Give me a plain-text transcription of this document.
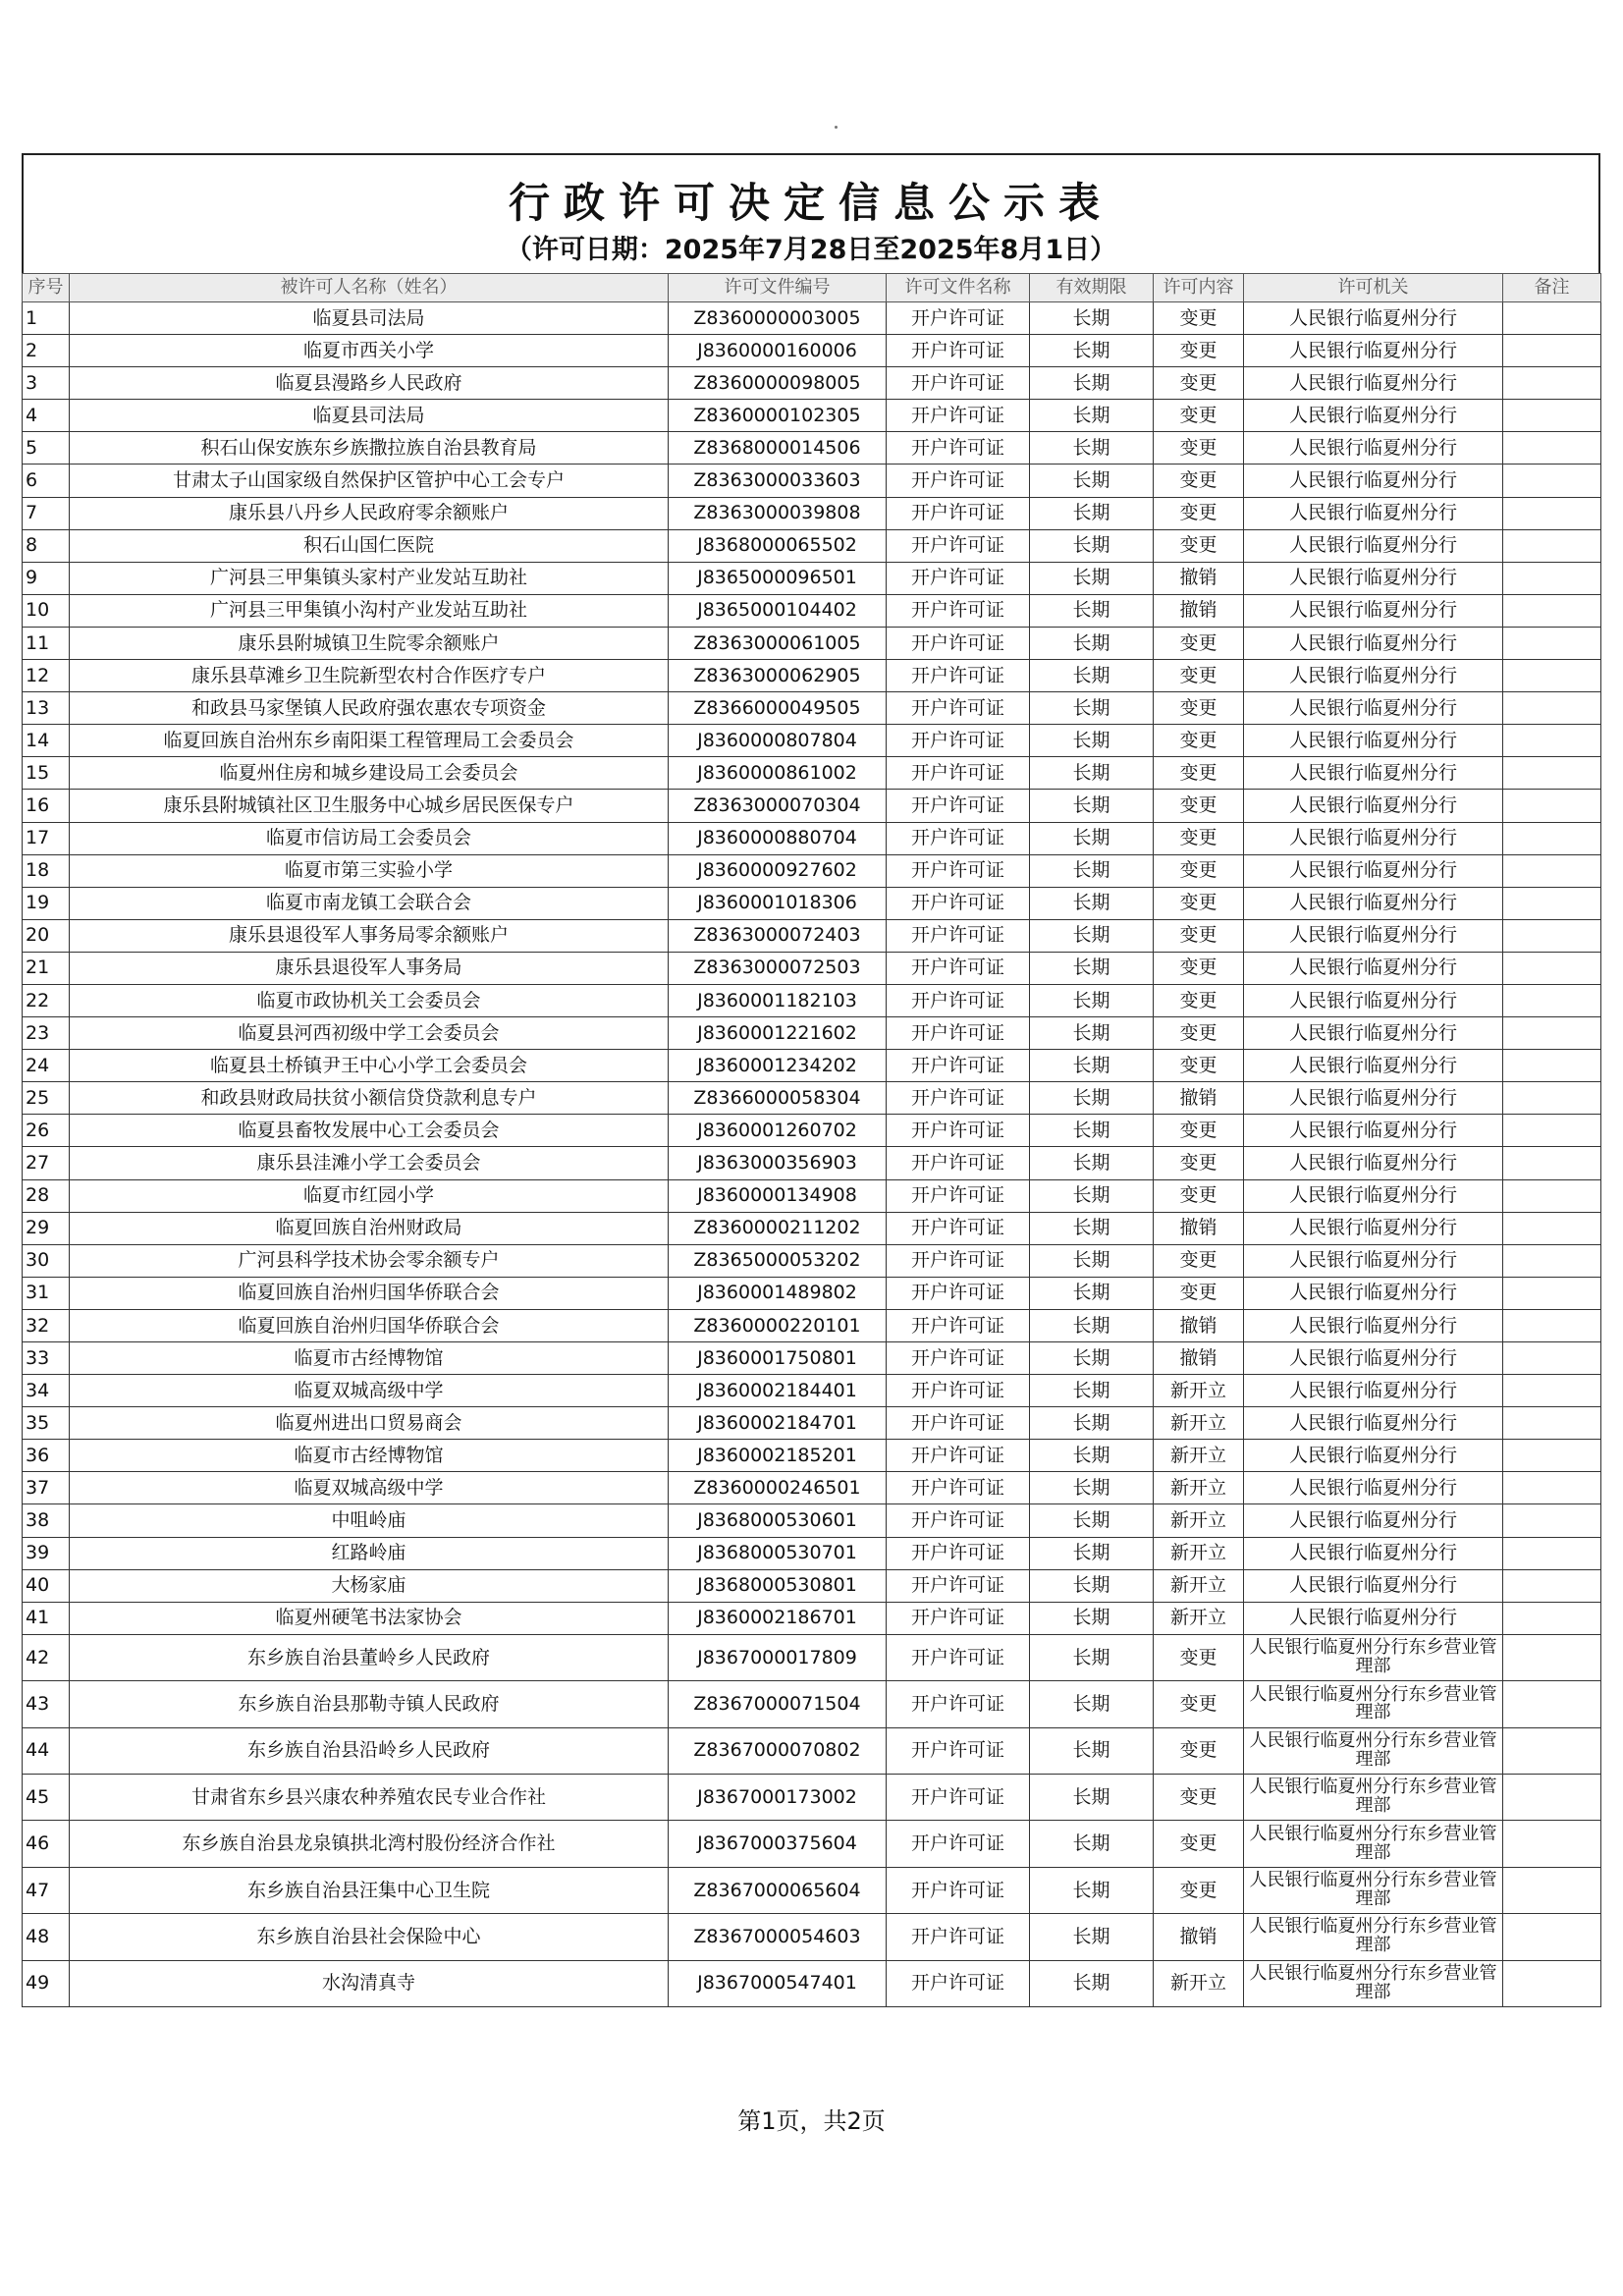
行政许可决定信息公示表
（许可日期：2025年7月28日至2025年8月1日）
序号	被许可人名称（姓名）	许可文件编号	许可文件名称	有效期限	许可内容	许可机关	备注
1	临夏县司法局	Z8360000003005	开户许可证	长期	变更	人民银行临夏州分行	
2	临夏市西关小学	J8360000160006	开户许可证	长期	变更	人民银行临夏州分行	
3	临夏县漫路乡人民政府	Z8360000098005	开户许可证	长期	变更	人民银行临夏州分行	
4	临夏县司法局	Z8360000102305	开户许可证	长期	变更	人民银行临夏州分行	
5	积石山保安族东乡族撒拉族自治县教育局	Z8368000014506	开户许可证	长期	变更	人民银行临夏州分行	
6	甘肃太子山国家级自然保护区管护中心工会专户	Z8363000033603	开户许可证	长期	变更	人民银行临夏州分行	
7	康乐县八丹乡人民政府零余额账户	Z8363000039808	开户许可证	长期	变更	人民银行临夏州分行	
8	积石山国仁医院	J8368000065502	开户许可证	长期	变更	人民银行临夏州分行	
9	广河县三甲集镇头家村产业发站互助社	J8365000096501	开户许可证	长期	撤销	人民银行临夏州分行	
10	广河县三甲集镇小沟村产业发站互助社	J8365000104402	开户许可证	长期	撤销	人民银行临夏州分行	
11	康乐县附城镇卫生院零余额账户	Z8363000061005	开户许可证	长期	变更	人民银行临夏州分行	
12	康乐县草滩乡卫生院新型农村合作医疗专户	Z8363000062905	开户许可证	长期	变更	人民银行临夏州分行	
13	和政县马家堡镇人民政府强农惠农专项资金	Z8366000049505	开户许可证	长期	变更	人民银行临夏州分行	
14	临夏回族自治州东乡南阳渠工程管理局工会委员会	J8360000807804	开户许可证	长期	变更	人民银行临夏州分行	
15	临夏州住房和城乡建设局工会委员会	J8360000861002	开户许可证	长期	变更	人民银行临夏州分行	
16	康乐县附城镇社区卫生服务中心城乡居民医保专户	Z8363000070304	开户许可证	长期	变更	人民银行临夏州分行	
17	临夏市信访局工会委员会	J8360000880704	开户许可证	长期	变更	人民银行临夏州分行	
18	临夏市第三实验小学	J8360000927602	开户许可证	长期	变更	人民银行临夏州分行	
19	临夏市南龙镇工会联合会	J8360001018306	开户许可证	长期	变更	人民银行临夏州分行	
20	康乐县退役军人事务局零余额账户	Z8363000072403	开户许可证	长期	变更	人民银行临夏州分行	
21	康乐县退役军人事务局	Z8363000072503	开户许可证	长期	变更	人民银行临夏州分行	
22	临夏市政协机关工会委员会	J8360001182103	开户许可证	长期	变更	人民银行临夏州分行	
23	临夏县河西初级中学工会委员会	J8360001221602	开户许可证	长期	变更	人民银行临夏州分行	
24	临夏县土桥镇尹王中心小学工会委员会	J8360001234202	开户许可证	长期	变更	人民银行临夏州分行	
25	和政县财政局扶贫小额信贷贷款利息专户	Z8366000058304	开户许可证	长期	撤销	人民银行临夏州分行	
26	临夏县畜牧发展中心工会委员会	J8360001260702	开户许可证	长期	变更	人民银行临夏州分行	
27	康乐县洼滩小学工会委员会	J8363000356903	开户许可证	长期	变更	人民银行临夏州分行	
28	临夏市红园小学	J8360000134908	开户许可证	长期	变更	人民银行临夏州分行	
29	临夏回族自治州财政局	Z8360000211202	开户许可证	长期	撤销	人民银行临夏州分行	
30	广河县科学技术协会零余额专户	Z8365000053202	开户许可证	长期	变更	人民银行临夏州分行	
31	临夏回族自治州归国华侨联合会	J8360001489802	开户许可证	长期	变更	人民银行临夏州分行	
32	临夏回族自治州归国华侨联合会	Z8360000220101	开户许可证	长期	撤销	人民银行临夏州分行	
33	临夏市古经博物馆	J8360001750801	开户许可证	长期	撤销	人民银行临夏州分行	
34	临夏双城高级中学	J8360002184401	开户许可证	长期	新开立	人民银行临夏州分行	
35	临夏州进出口贸易商会	J8360002184701	开户许可证	长期	新开立	人民银行临夏州分行	
36	临夏市古经博物馆	J8360002185201	开户许可证	长期	新开立	人民银行临夏州分行	
37	临夏双城高级中学	Z8360000246501	开户许可证	长期	新开立	人民银行临夏州分行	
38	中咀岭庙	J8368000530601	开户许可证	长期	新开立	人民银行临夏州分行	
39	红路岭庙	J8368000530701	开户许可证	长期	新开立	人民银行临夏州分行	
40	大杨家庙	J8368000530801	开户许可证	长期	新开立	人民银行临夏州分行	
41	临夏州硬笔书法家协会	J8360002186701	开户许可证	长期	新开立	人民银行临夏州分行	
42	东乡族自治县董岭乡人民政府	J8367000017809	开户许可证	长期	变更	人民银行临夏州分行东乡营业管理部	
43	东乡族自治县那勒寺镇人民政府	Z8367000071504	开户许可证	长期	变更	人民银行临夏州分行东乡营业管理部	
44	东乡族自治县沿岭乡人民政府	Z8367000070802	开户许可证	长期	变更	人民银行临夏州分行东乡营业管理部	
45	甘肃省东乡县兴康农种养殖农民专业合作社	J8367000173002	开户许可证	长期	变更	人民银行临夏州分行东乡营业管理部	
46	东乡族自治县龙泉镇拱北湾村股份经济合作社	J8367000375604	开户许可证	长期	变更	人民银行临夏州分行东乡营业管理部	
47	东乡族自治县汪集中心卫生院	Z8367000065604	开户许可证	长期	变更	人民银行临夏州分行东乡营业管理部	
48	东乡族自治县社会保险中心	Z8367000054603	开户许可证	长期	撤销	人民银行临夏州分行东乡营业管理部	
49	水沟清真寺	J8367000547401	开户许可证	长期	新开立	人民银行临夏州分行东乡营业管理部	
第1页，共2页
